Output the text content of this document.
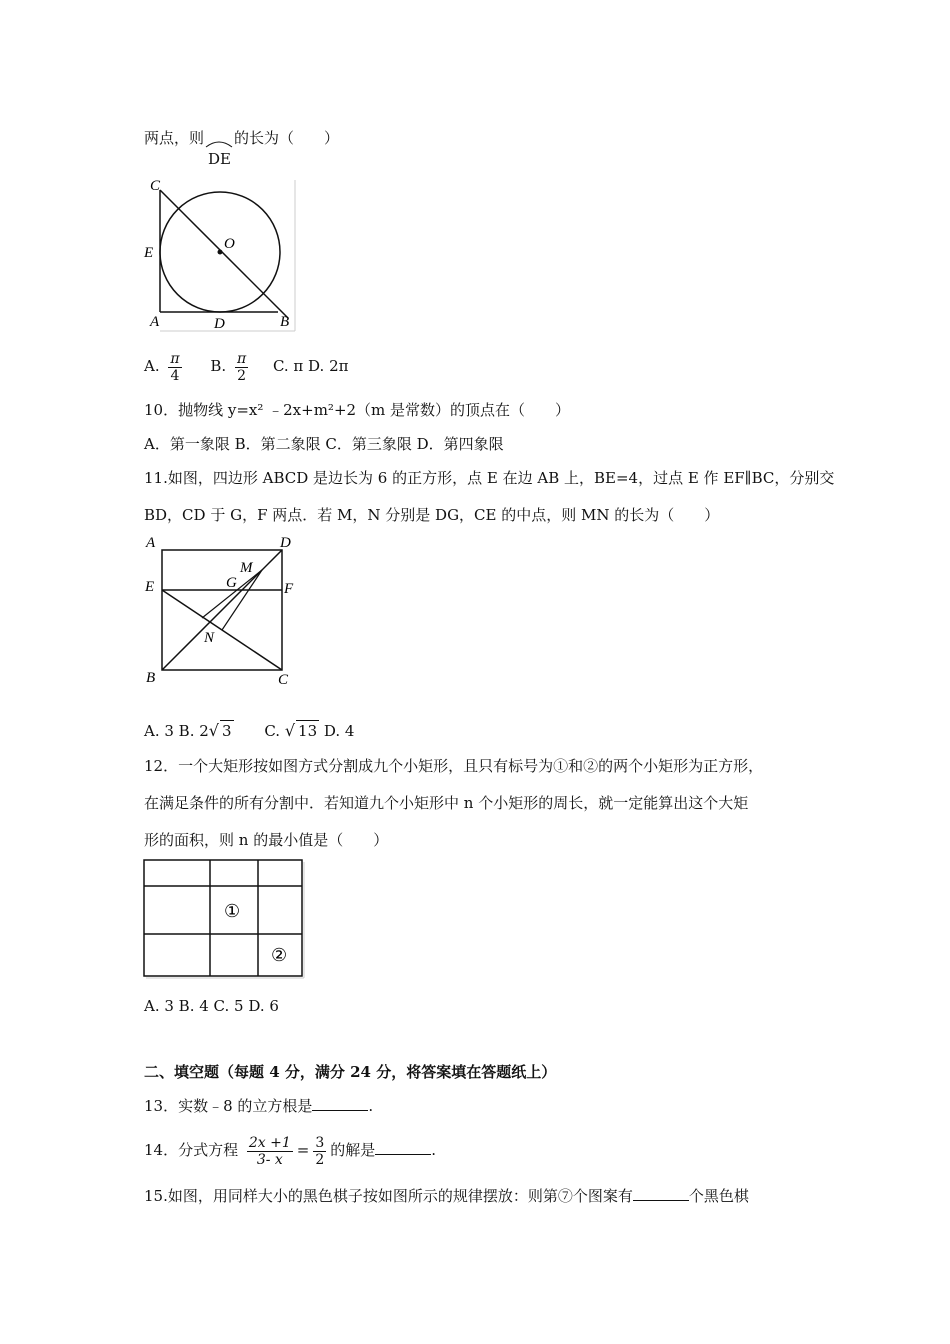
两点，则
DE
的长为（　　）
C
E
A	D	B
O
A. $\frac{\pi}{4} B$. $\frac{\pi}{2} C$. π D. 2π
10．抛物线 y=x² ﹣2x+m²+2（m 是常数）的顶点在（　　）
A．第一象限 B．第二象限 C．第三象限 D．第四象限
11.如图，四边形 ABCD 是边长为 6 的正方形，点 E 在边 AB 上，BE=4，过点 E 作 EF∥BC，分别交
BD，CD 于 G，F 两点．若 M，N 分别是 DG，CE 的中点，则 MN 的长为（　　）
A	D
E	F
G
M
N
B	C
A. 3 B. 2√ 3 C. √ 13 D. 4
12．一个大矩形按如图方式分割成九个小矩形，且只有标号为①和②的两个小矩形为正方形，
在满足条件的所有分割中．若知道九个小矩形中 n 个小矩形的周长，就一定能算出这个大矩
形的面积，则 n 的最小值是（　　）
①
②
A. 3 B. 4 C. 5 D. 6
二、填空题（每题 4 分，满分 24 分，将答案填在答题纸上）
13．实数﹣8 的立方根是	.
14．分式方程 $\frac{2x +1}{3- x} = \frac{3}{2}$ 的解是	.
15.如图，用同样大小的黑色棋子按如图所示的规律摆放：则第⑦个图案有	个黑色棋
